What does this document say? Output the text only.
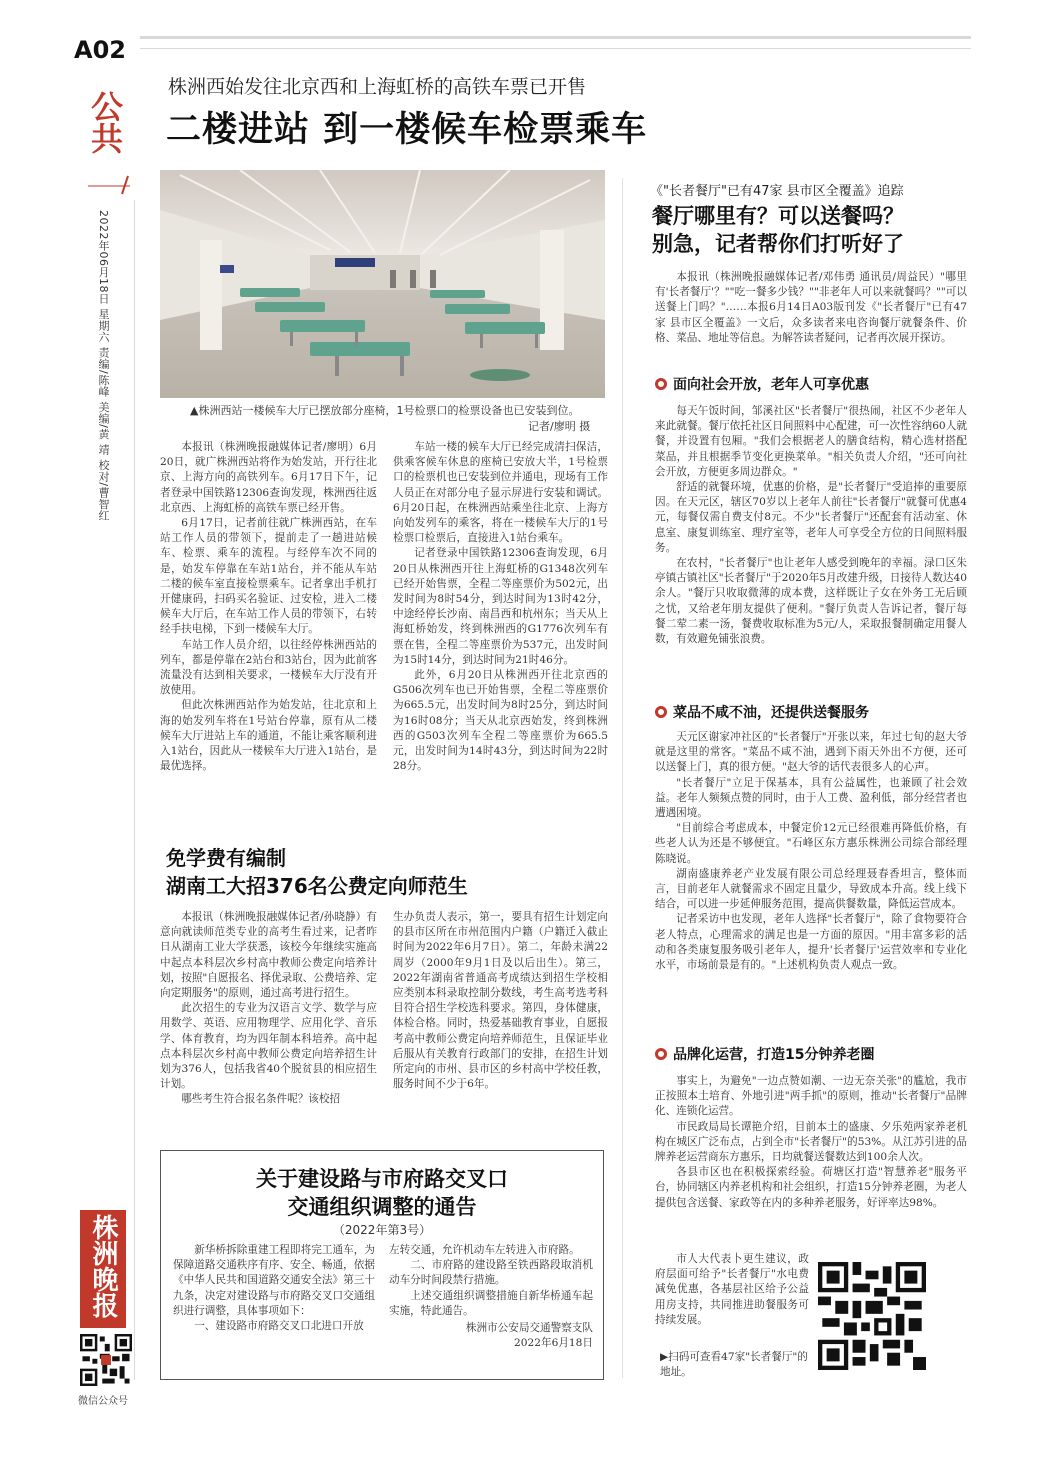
A02
公共
2022年06月18日 星期六 责编/陈峰 美编/黄 靖 校对/曹智红
株洲晚报
微信公众号
株洲西始发往北京西和上海虹桥的高铁车票已开售
二楼进站 到一楼候车检票乘车
▲株洲西站一楼候车大厅已摆放部分座椅，1号检票口的检票设备也已安装到位。
记者/廖明 摄

本报讯（株洲晚报融媒体记者/廖明）6月20日，就广株洲西站将作为始发站，开行往北京、上海方向的高铁列车。6月17日下午，记者登录中国铁路12306查询发现，株洲西往返北京西、上海虹桥的高铁车票已经开售。

6月17日，记者前往就广株洲西站，在车站工作人员的带领下，提前走了一趟进站候车、检票、乘车的流程。与经停车次不同的是，始发车停靠在车站1站台，并不能从车站二楼的候车室直接检票乘车。记者拿出手机打开健康码，扫码买名验证、过安检，进入二楼候车大厅后，在车站工作人员的带领下，右转经手扶电梯，下到一楼候车大厅。

车站工作人员介绍，以往经停株洲西站的列车，都是停靠在2站台和3站台，因为此前客流量没有达到相关要求，一楼候车大厅没有开放使用。

但此次株洲西站作为始发站，往北京和上海的始发列车将在1号站台停靠，原有从二楼候车大厅进站上车的通道，不能让乘客顺利进入1站台，因此从一楼候车大厅进入1站台，是最优选择。

车站一楼的候车大厅已经完成清扫保洁，供乘客候车休息的座椅已安放大半，1号检票口的检票机也已安装到位并通电，现场有工作人员正在对部分电子显示屏进行安装和调试。6月20日起，在株洲西站乘坐往北京、上海方向始发列车的乘客，将在一楼候车大厅的1号检票口检票后，直接进入1站台乘车。

记者登录中国铁路12306查询发现，6月20日从株洲西开往上海虹桥的G1348次列车已经开始售票，全程二等座票价为502元，出发时间为8时54分，到达时间为13时42分，中途经停长沙南、南昌西和杭州东；当天从上海虹桥始发，终到株洲西的G1776次列车有票在售，全程二等座票价为537元，出发时间为15时14分，到达时间为21时46分。

此外，6月20日从株洲西开往北京西的G506次列车也已开始售票，全程二等座票价为665.5元，出发时间为8时25分，到达时间为16时08分；当天从北京西始发，终到株洲西的G503次列车全程二等座票价为665.5元，出发时间为14时43分，到达时间为22时28分。

免学费有编制
湖南工大招376名公费定向师范生

本报讯（株洲晚报融媒体记者/孙晓静）有意向就读师范类专业的高考生看过来，记者昨日从湖南工业大学获悉，该校今年继续实施高中起点本科层次乡村高中教师公费定向培养计划，按照"自愿报名、择优录取、公费培养、定向定期服务"的原则，通过高考进行招生。

此次招生的专业为汉语言文学、数学与应用数学、英语、应用物理学、应用化学、音乐学、体育教育，均为四年制本科培养。高中起点本科层次乡村高中教师公费定向培养招生计划为376人，包括我省40个脱贫县的相应招生计划。

哪些考生符合报名条件呢？该校招

生办负责人表示，第一，要具有招生计划定向的县市区所在市州范围内户籍（户籍迁入截止时间为2022年6月7日）。第二，年龄未满22周岁（2000年9月1日及以后出生）。第三，2022年湖南省普通高考成绩达到招生学校相应类别本科录取控制分数线，考生高考选考科目符合招生学校选科要求。第四，身体健康，体检合格。同时，热爱基础教育事业，自愿报考高中教师公费定向培养师范生，且保证毕业后服从有关教育行政部门的安排，在招生计划所定向的市州、县市区的乡村高中学校任教，服务时间不少于6年。

关于建设路与市府路交叉口
交通组织调整的通告
（2022年第3号）

新华桥拆除重建工程即将完工通车，为保障道路交通秩序有序、安全、畅通，依据《中华人民共和国道路交通安全法》第三十九条，决定对建设路与市府路交叉口交通组织进行调整，具体事项如下：

一、建设路市府路交叉口北进口开放

左转交通，允许机动车左转进入市府路。

二、市府路的建设路至铁西路段取消机动车分时间段禁行措施。

上述交通组织调整措施自新华桥通车起实施，特此通告。

株洲市公安局交通警察支队
2022年6月18日
《"长者餐厅"已有47家 县市区全覆盖》追踪
餐厅哪里有？可以送餐吗？
别急，记者帮你们打听好了

本报讯（株洲晚报融媒体记者/邓伟勇 通讯员/周益民）"哪里有'长者餐厅'？""吃一餐多少钱？""非老年人可以来就餐吗？""可以送餐上门吗？"……本报6月14日A03版刊发《"长者餐厅"已有47家 县市区全覆盖》一文后，众多读者来电咨询餐厅就餐条件、价格、菜品、地址等信息。为解答读者疑问，记者再次展开探访。

面向社会开放，老年人可享优惠

每天午饭时间，邹溪社区"长者餐厅"很热闹，社区不少老年人来此就餐。餐厅依托社区日间照料中心配建，可一次性容纳60人就餐，并设置有包厢。"我们会根据老人的膳食结构，精心选材搭配菜品，并且根据季节变化更换菜单。"相关负责人介绍，"还可向社会开放，方便更多周边群众。"

舒适的就餐环境，优惠的价格，是"长者餐厅"受追捧的重要原因。在天元区，辖区70岁以上老年人前往"长者餐厅"就餐可优惠4元，每餐仅需自费支付8元。不少"长者餐厅"还配套有活动室、休息室、康复训练室、理疗室等，老年人可享受全方位的日间照料服务。

在农村，"长者餐厅"也让老年人感受到晚年的幸福。渌口区朱亭镇古镇社区"长者餐厅"于2020年5月改建升级，日接待人数达40余人。"餐厅只收取微薄的成本费，这样既让子女在外务工无后顾之忧，又给老年朋友提供了便利。"餐厅负责人告诉记者，餐厅每餐二荤二素一汤，餐费收取标准为5元/人，采取报餐制确定用餐人数，有效避免铺张浪费。

菜品不咸不油，还提供送餐服务

天元区谢家冲社区的"长者餐厅"开张以来，年过七旬的赵大爷就是这里的常客。"菜品不咸不油，遇到下雨天外出不方便，还可以送餐上门，真的很方便。"赵大爷的话代表很多人的心声。

"长者餐厅"立足于保基本，具有公益属性，也兼顾了社会效益。老年人频频点赞的同时，由于人工费、盈利低，部分经营者也遭遇困境。

"目前综合考虑成本，中餐定价12元已经很难再降低价格，有些老人认为还是不够便宜。"石峰区东方惠乐株洲公司综合部经理陈晓说。

湖南盛康养老产业发展有限公司总经理聂春香坦言，整体而言，目前老年人就餐需求不固定且量少，导致成本升高。线上线下结合，可以进一步延伸服务范围，提高供餐数量，降低运营成本。

记者采访中也发现，老年人选择"长者餐厅"，除了食物要符合老人特点，心理需求的满足也是一方面的原因。"用丰富多彩的活动和各类康复服务吸引老年人，提升'长者餐厅'运营效率和专业化水平，市场前景是有的。"上述机构负责人观点一致。

品牌化运营，打造15分钟养老圈

事实上，为避免"一边点赞如潮、一边无奈关张"的尴尬，我市正按照本土培育、外地引进"两手抓"的原则，推动"长者餐厅"品牌化、连锁化运营。

市民政局局长谭艳介绍，目前本土的盛康、夕乐苑两家养老机构在城区广泛布点，占到全市"长者餐厅"的53%。从江苏引进的品牌养老运营商东方惠乐，日均就餐送餐数达到100余人次。

各县市区也在积极探索经验。荷塘区打造"智慧养老"服务平台，协同辖区内养老机构和社会组织，打造15分钟养老圈，为老人提供包含送餐、家政等在内的多种养老服务，好评率达98%。

市人大代表卜更生建议，政府层面可给予"长者餐厅"水电费减免优惠，各基层社区给予公益用房支持，共同推进助餐服务可持续发展。

▶扫码可查看47家"长者餐厅"的地址。
